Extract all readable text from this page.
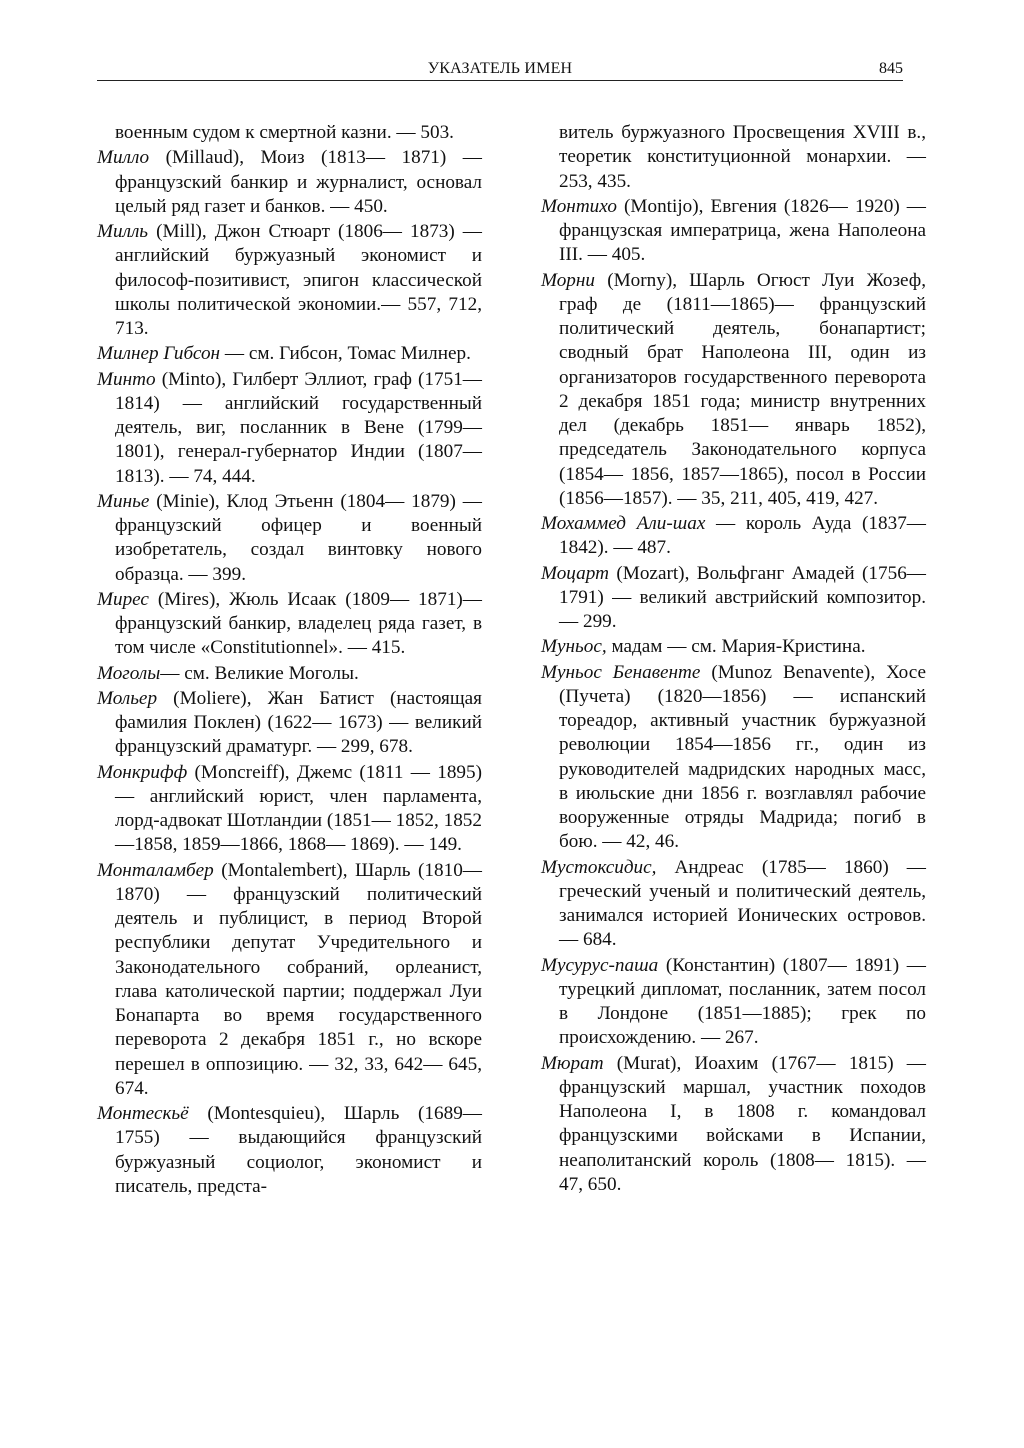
УКАЗАТЕЛЬ ИМЕН	845

военным судом к смертной казни. — 503.

Милло (Millaud), Моиз (1813— 1871) — французский банкир и журналист, основал целый ряд газет и банков. — 450.

Милль (Mill), Джон Стюарт (1806— 1873) — английский буржуазный экономист и философ-позитивист, эпигон классической школы политической экономии.— 557, 712, 713.

Милнер Гибсон — см. Гибсон, Томас Милнер.

Минто (Minto), Гилберт Эллиот, граф (1751—1814) — английский государственный деятель, виг, посланник в Вене (1799—1801), генерал-губернатор Индии (1807— 1813). — 74, 444.

Миньe (Minie), Клод Этьенн (1804— 1879) — французский офицер и военный изобретатель, создал винтовку нового образца. — 399.

Мирес (Mires), Жюль Исаак (1809— 1871)— французский банкир, владелец ряда газет, в том числе «Constitutionnel». — 415.

Моголы— см. Великие Моголы.

Мольер (Moliere), Жан Батист (настоящая фамилия Поклен) (1622— 1673) — великий французский драматург. — 299, 678.

Монкрифф (Moncreiff), Джемс (1811 — 1895) — английский юрист, член парламента, лорд-адвокат Шотландии (1851— 1852, 1852—1858, 1859—1866, 1868— 1869). — 149.

Монталамбер (Montalembert), Шарль (1810—1870) — французский политический деятель и публицист, в период Второй республики депутат Учредительного и Законодательного собраний, орлеанист, глава католической партии; поддержал Луи Бонапарта во время государственного переворота 2 декабря 1851 г., но вскоре перешел в оппозицию. — 32, 33, 642— 645, 674.

Монтескьё (Montesquieu), Шарль (1689— 1755) — выдающийся французский буржуазный социолог, экономист и писатель, предста-

витель буржуазного Просвещения XVIII в., теоретик конституционной монархии. — 253, 435.

Монтихо (Montijo), Евгения (1826— 1920) — французская императрица, жена Наполеона III. — 405.

Морни (Morny), Шарль Огюст Луи Жозеф, граф де (1811—1865)— французский политический деятель, бонапартист; сводный брат Наполеона III, один из организаторов государственного переворота 2 декабря 1851 года; министр внутренних дел (декабрь 1851— январь 1852), председатель Законодательного корпуса (1854— 1856, 1857—1865), посол в России (1856—1857). — 35, 211, 405, 419, 427.

Мохаммед Али-шах — король Ауда (1837—1842). — 487.

Моцарт (Mozart), Вольфганг Амадей (1756—1791) — великий австрийский композитор. — 299.

Муньос, мадам — см. Мария-Кристина.

Муньос Бенавенте (Munoz Benavente), Хосе (Пучета) (1820—1856) — испанский тореадор, активный участник буржуазной революции 1854—1856 гг., один из руководителей мадридских народных масс, в июльские дни 1856 г. возглавлял рабочие вооруженные отряды Мадрида; погиб в бою. — 42, 46.

Мустоксидис, Андреас (1785— 1860) — греческий ученый и политический деятель, занимался историей Ионических островов.— 684.

Мусурус-паша (Константин) (1807— 1891) — турецкий дипломат, посланник, затем посол в Лондоне (1851—1885); грек по происхождению. — 267.

Мюрат (Murat), Иоахим (1767— 1815) — французский маршал, участник походов Наполеона I, в 1808 г. командовал французскими войсками в Испании, неаполитанский король (1808— 1815). — 47, 650.
